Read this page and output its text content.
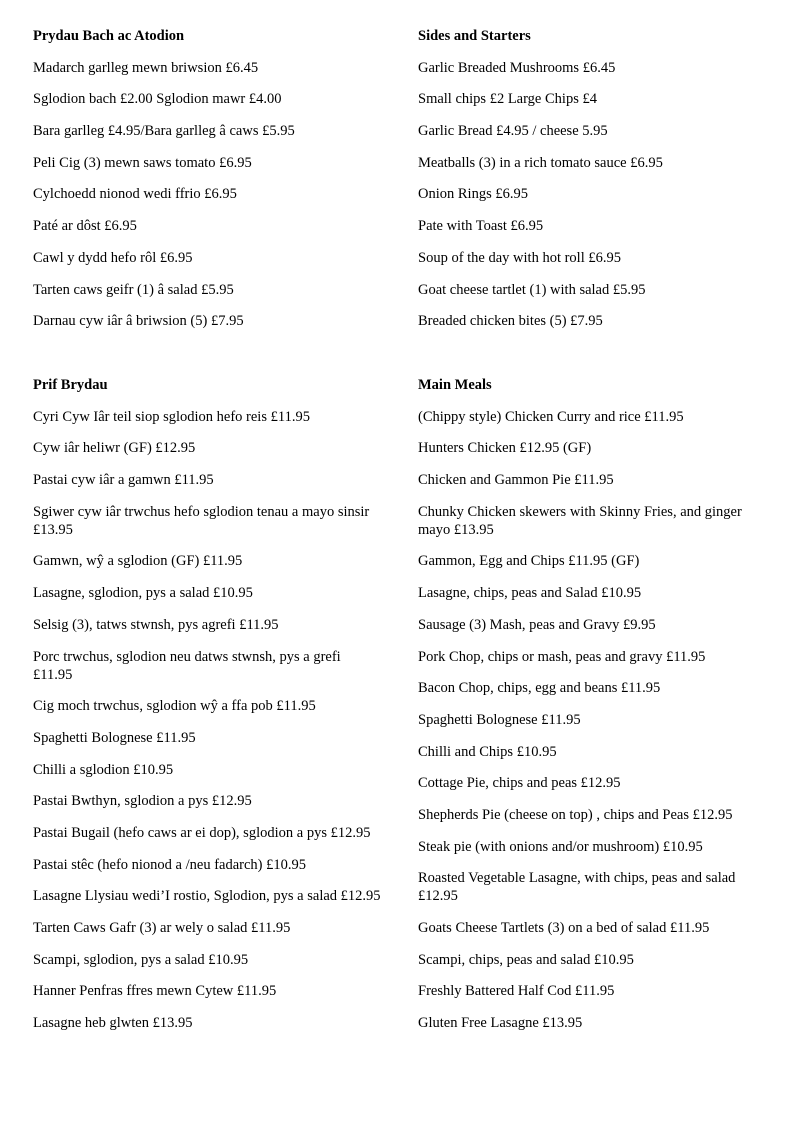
Prydau Bach ac Atodion
Madarch garlleg mewn briwsion £6.45
Sglodion bach £2.00 Sglodion mawr £4.00
Bara garlleg £4.95/Bara garlleg â caws £5.95
Peli Cig (3) mewn saws tomato £6.95
Cylchoedd nionod wedi ffrio £6.95
Paté ar dôst £6.95
Cawl y dydd hefo rôl £6.95
Tarten caws geifr (1) â salad £5.95
Darnau cyw iâr â briwsion (5) £7.95
Sides and Starters
Garlic Breaded Mushrooms £6.45
Small chips £2 Large Chips £4
Garlic Bread £4.95 / cheese 5.95
Meatballs (3) in a rich tomato sauce £6.95
Onion Rings £6.95
Pate with Toast £6.95
Soup of the day with hot roll £6.95
Goat cheese tartlet (1) with salad £5.95
Breaded chicken bites (5) £7.95
Prif Brydau
Cyri Cyw Iâr teil siop sglodion hefo reis £11.95
Cyw iâr heliwr (GF) £12.95
Pastai cyw iâr a gamwn £11.95
Sgiwer cyw iâr trwchus hefo sglodion tenau a mayo sinsir £13.95
Gamwn, wŷ a sglodion (GF) £11.95
Lasagne, sglodion, pys a salad £10.95
Selsig (3), tatws stwnsh, pys agrefi £11.95
Porc trwchus, sglodion neu datws stwnsh, pys a grefi £11.95
Cig moch trwchus, sglodion wŷ a ffa pob £11.95
Spaghetti Bolognese £11.95
Chilli a sglodion £10.95
Pastai Bwthyn, sglodion a pys £12.95
Pastai Bugail (hefo caws ar ei dop), sglodion a pys £12.95
Pastai stêc (hefo nionod a /neu fadarch) £10.95
Lasagne Llysiau wedi’I rostio, Sglodion, pys a salad £12.95
Tarten Caws Gafr (3) ar wely o salad £11.95
Scampi, sglodion, pys a salad £10.95
Hanner Penfras ffres mewn Cytew £11.95
Lasagne heb glwten £13.95
Main Meals
(Chippy style) Chicken Curry and rice £11.95
Hunters Chicken £12.95 (GF)
Chicken and Gammon Pie £11.95
Chunky Chicken skewers with Skinny Fries, and ginger mayo £13.95
Gammon, Egg and Chips £11.95 (GF)
Lasagne, chips, peas and Salad £10.95
Sausage (3) Mash, peas and Gravy £9.95
Pork Chop, chips or mash, peas and gravy £11.95
Bacon Chop, chips, egg and beans £11.95
Spaghetti Bolognese £11.95
Chilli and Chips £10.95
Cottage Pie, chips and peas £12.95
Shepherds Pie (cheese on top) , chips and Peas £12.95
Steak pie (with onions and/or mushroom) £10.95
Roasted Vegetable Lasagne, with chips, peas and salad £12.95
Goats Cheese Tartlets (3) on a bed of salad £11.95
Scampi, chips, peas and salad £10.95
Freshly Battered Half Cod £11.95
Gluten Free Lasagne £13.95
